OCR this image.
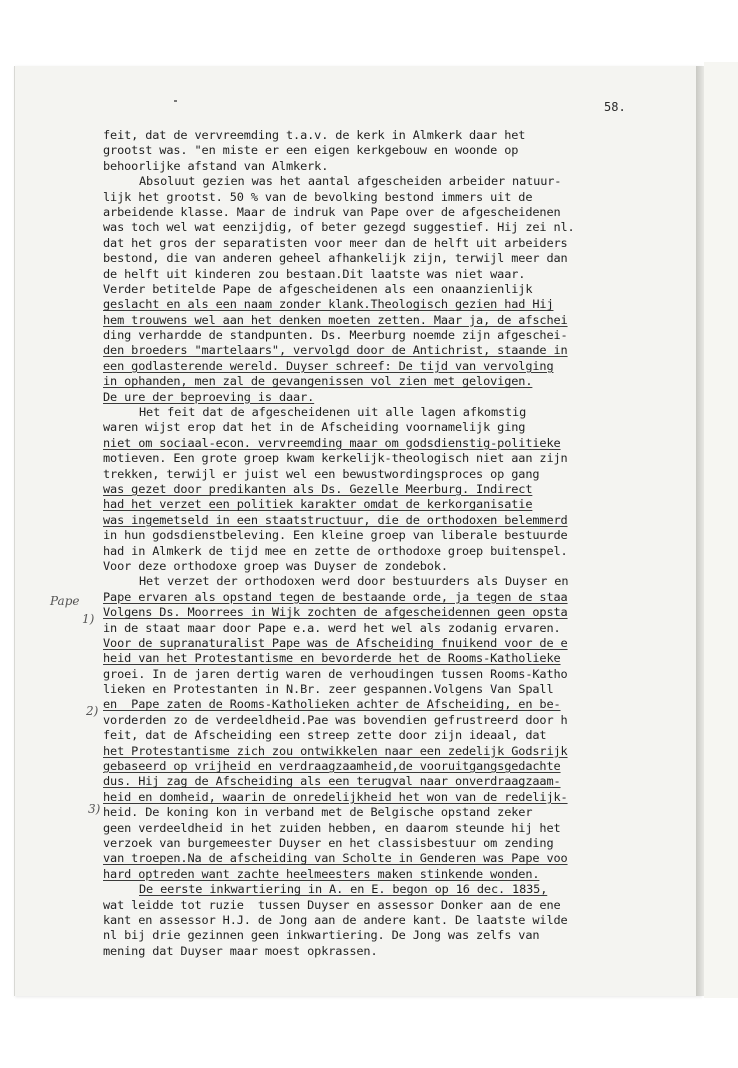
58.
Pape
1)
2)
3)
feit, dat de vervreemding t.a.v. de kerk in Almkerk daar het
grootst was. "en miste er een eigen kerkgebouw en woonde op
behoorlijke afstand van Almkerk.
Absoluut gezien was het aantal afgescheiden arbeider natuur-
lijk het grootst. 50 % van de bevolking bestond immers uit de
arbeidende klasse. Maar de indruk van Pape over de afgescheidenen
was toch wel wat eenzijdig, of beter gezegd suggestief. Hij zei nl.
dat het gros der separatisten voor meer dan de helft uit arbeiders
bestond, die van anderen geheel afhankelijk zijn, terwijl meer dan
de helft uit kinderen zou bestaan.Dit laatste was niet waar.
Verder betitelde Pape de afgescheidenen als een onaanzienlijk
geslacht en als een naam zonder klank.Theologisch gezien had Hij
hem trouwens wel aan het denken moeten zetten. Maar ja, de afschei
ding verhardde de standpunten. Ds. Meerburg noemde zijn afgeschei-
den broeders "martelaars", vervolgd door de Antichrist, staande in
een godlasterende wereld. Duyser schreef: De tijd van vervolging
in ophanden, men zal de gevangenissen vol zien met gelovigen.
De ure der beproeving is daar.
Het feit dat de afgescheidenen uit alle lagen afkomstig
waren wijst erop dat het in de Afscheiding voornamelijk ging
niet om sociaal-econ. vervreemding maar om godsdienstig-politieke
motieven. Een grote groep kwam kerkelijk-theologisch niet aan zijn
trekken, terwijl er juist wel een bewustwordingsproces op gang
was gezet door predikanten als Ds. Gezelle Meerburg. Indirect
had het verzet een politiek karakter omdat de kerkorganisatie
was ingemetseld in een staatstructuur, die de orthodoxen belemmerd
in hun godsdienstbeleving. Een kleine groep van liberale bestuurde
had in Almkerk de tijd mee en zette de orthodoxe groep buitenspel.
Voor deze orthodoxe groep was Duyser de zondebok.
Het verzet der orthodoxen werd door bestuurders als Duyser en
Pape ervaren als opstand tegen de bestaande orde, ja tegen de staa
Volgens Ds. Moorrees in Wijk zochten de afgescheidennen geen opsta
in de staat maar door Pape e.a. werd het wel als zodanig ervaren.
Voor de supranaturalist Pape was de Afscheiding fnuikend voor de e
heid van het Protestantisme en bevorderde het de Rooms-Katholieke
groei. In de jaren dertig waren de verhoudingen tussen Rooms-Katho
lieken en Protestanten in N.Br. zeer gespannen.Volgens Van Spall
en  Pape zaten de Rooms-Katholieken achter de Afscheiding, en be-
vorderden zo de verdeeldheid.Pae was bovendien gefrustreerd door h
feit, dat de Afscheiding een streep zette door zijn ideaal, dat
het Protestantisme zich zou ontwikkelen naar een zedelijk Godsrijk
gebaseerd op vrijheid en verdraagzaamheid,de vooruitgangsgedachte
dus. Hij zag de Afscheiding als een terugval naar onverdraagzaam-
heid en domheid, waarin de onredelijkheid het won van de redelijk-
heid. De koning kon in verband met de Belgische opstand zeker
geen verdeeldheid in het zuiden hebben, en daarom steunde hij het
verzoek van burgemeester Duyser en het classisbestuur om zending
van troepen.Na de afscheiding van Scholte in Genderen was Pape voo
hard optreden want zachte heelmeesters maken stinkende wonden.
De eerste inkwartiering in A. en E. begon op 16 dec. 1835,
wat leidde tot ruzie  tussen Duyser en assessor Donker aan de ene
kant en assessor H.J. de Jong aan de andere kant. De laatste wilde
nl bij drie gezinnen geen inkwartiering. De Jong was zelfs van
mening dat Duyser maar moest opkrassen.
